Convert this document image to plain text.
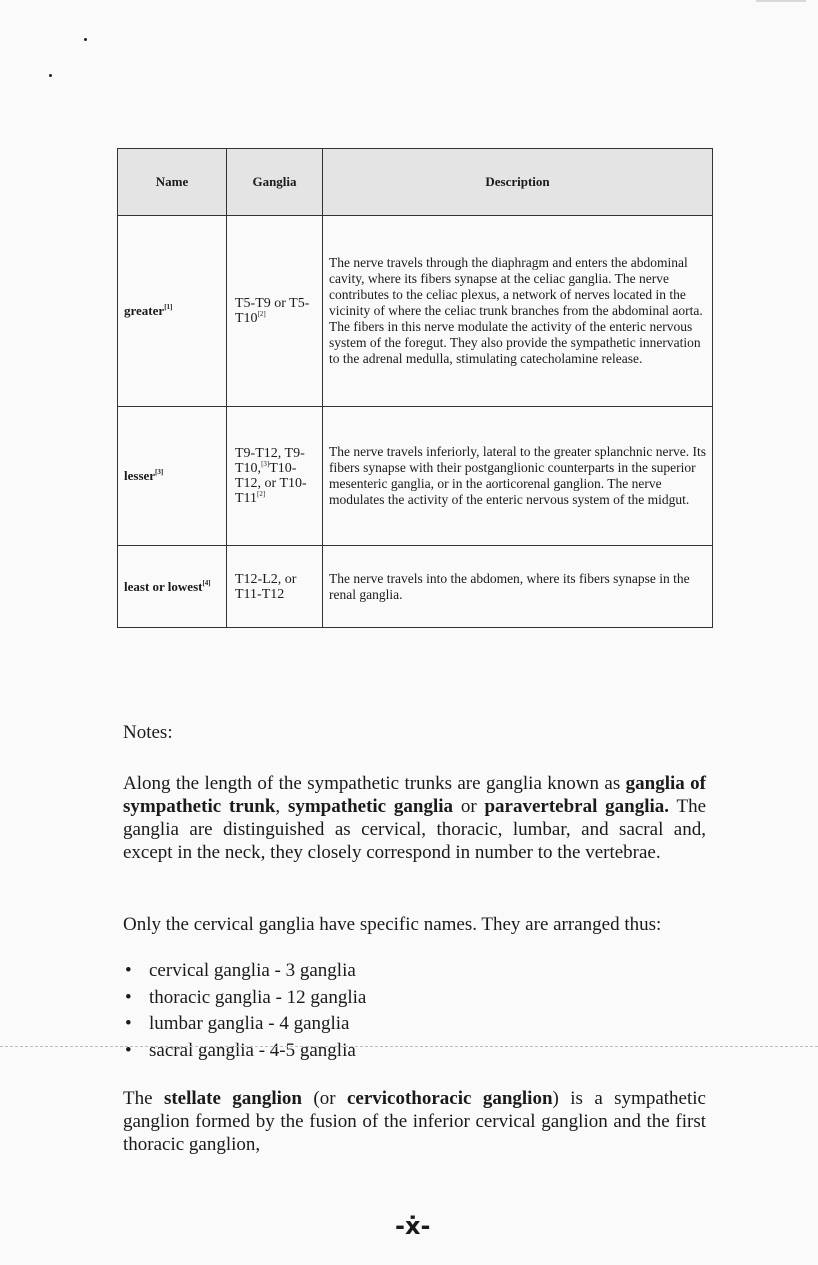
Name	Ganglia	Description
greater[1]	T5-T9 or T5-T10[2]	The nerve travels through the diaphragm and enters the abdominal cavity, where its fibers synapse at the celiac ganglia. The nerve contributes to the celiac plexus, a network of nerves located in the vicinity of where the celiac trunk branches from the abdominal aorta. The fibers in this nerve modulate the activity of the enteric nervous system of the foregut. They also provide the sympathetic innervation to the adrenal medulla, stimulating catecholamine release.
lesser[3]	T9-T12, T9-T10,[3]T10-T12, or T10-T11[2]	The nerve travels inferiorly, lateral to the greater splanchnic nerve. Its fibers synapse with their postganglionic counterparts in the superior mesenteric ganglia, or in the aorticorenal ganglion. The nerve modulates the activity of the enteric nervous system of the midgut.
least or lowest[4]	T12-L2, or T11-T12	The nerve travels into the abdomen, where its fibers synapse in the renal ganglia.
Notes:
Along the length of the sympathetic trunks are ganglia known as ganglia of sympathetic trunk, sympathetic ganglia or paravertebral ganglia. The ganglia are distinguished as cervical, thoracic, lumbar, and sacral and, except in the neck, they closely correspond in number to the vertebrae.
Only the cervical ganglia have specific names. They are arranged thus:
• cervical ganglia - 3 ganglia
• thoracic ganglia - 12 ganglia
• lumbar ganglia - 4 ganglia
• sacral ganglia - 4-5 ganglia
The stellate ganglion (or cervicothoracic ganglion) is a sympathetic ganglion formed by the fusion of the inferior cervical ganglion and the first thoracic ganglion,
-ẋ-
